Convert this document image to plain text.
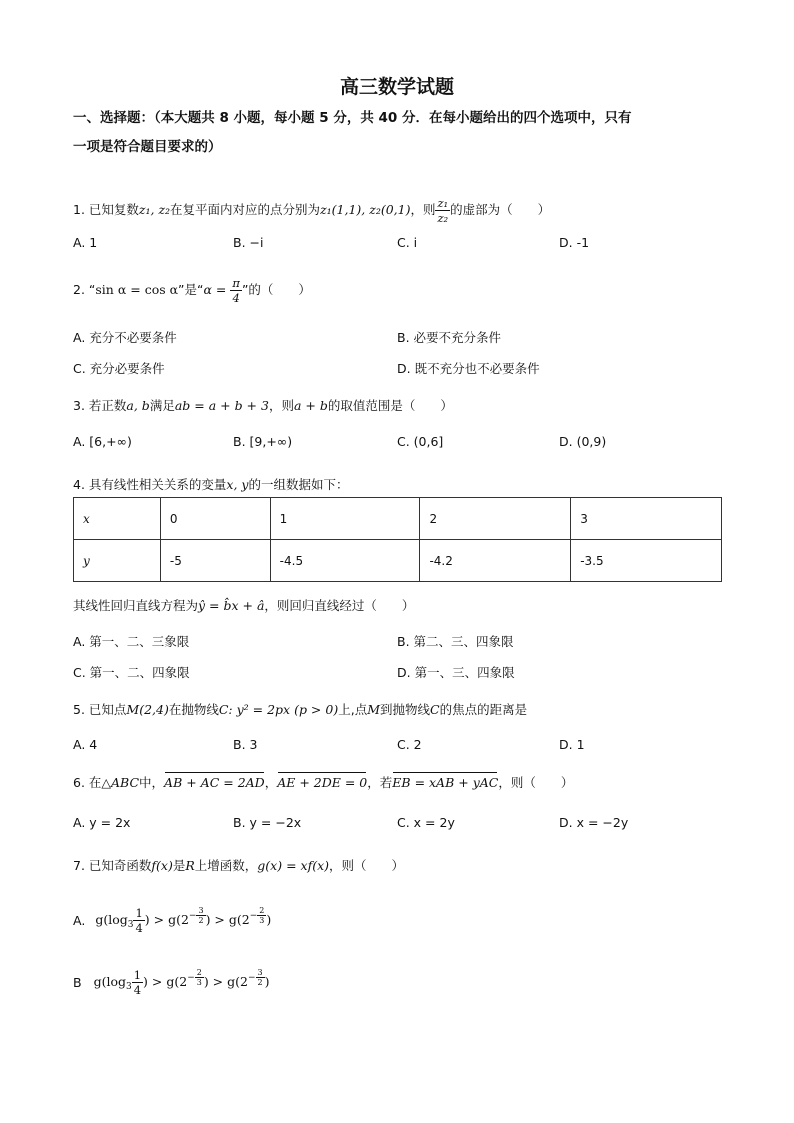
高三数学试题
一、选择题：（本大题共 8 小题，每小题 5 分，共 40 分．在每小题给出的四个选项中，只有
一项是符合题目要求的）
1. 已知复数z₁, z₂在复平面内对应的点分别为z₁(1,1), z₂(0,1)，则 $\frac{\text{z₁}}{\text{z₂}}$ 的虚部为（　　）
A. 1	B. −i	C. i	D. -1
2. “sin α = cos α”是“$\alpha = \frac{\pi}{4}$ ”的（　　）
A. 充分不必要条件	B. 必要不充分条件
C. 充分必要条件	D. 既不充分也不必要条件
3. 若正数a, b满足ab = a + b + 3，则a + b的取值范围是（　　）
A. [6,+∞)	B. [9,+∞)	C. (0,6]	D. (0,9)
4. 具有线性相关关系的变量x, y的一组数据如下：
x	0	1	2	3
y	-5	-4.5	-4.2	-3.5
其线性回归直线方程为ŷ = b̂x + â，则回归直线经过（　　）
A. 第一、二、三象限	B. 第二、三、四象限
C. 第一、二、四象限	D. 第一、三、四象限
5. 已知点M(2,4)在抛物线C: y² = 2px (p > 0)上,点M到抛物线C的焦点的距离是
A. 4	B. 3	C. 2	D. 1
6. 在△ABC中，AB + AC = 2AD，AE + 2DE = 0，若EB = xAB + yAC，则（　　）
A. y = 2x	B. y = −2x	C. x = 2y	D. x = −2y
7. 已知奇函数f(x)是R上增函数，g(x) = xf(x)，则（　　）
A. $g(\log_3 \frac{1}{4}$ ) > $g(2^{- \frac{3}{2}}$ ) > $g(2^{- \frac{2}{3}}$ )
B $g(\log_3 \frac{1}{4}$ ) > $g(2^{- \frac{2}{3}}$ ) > $g(2^{- \frac{3}{2}}$ )
